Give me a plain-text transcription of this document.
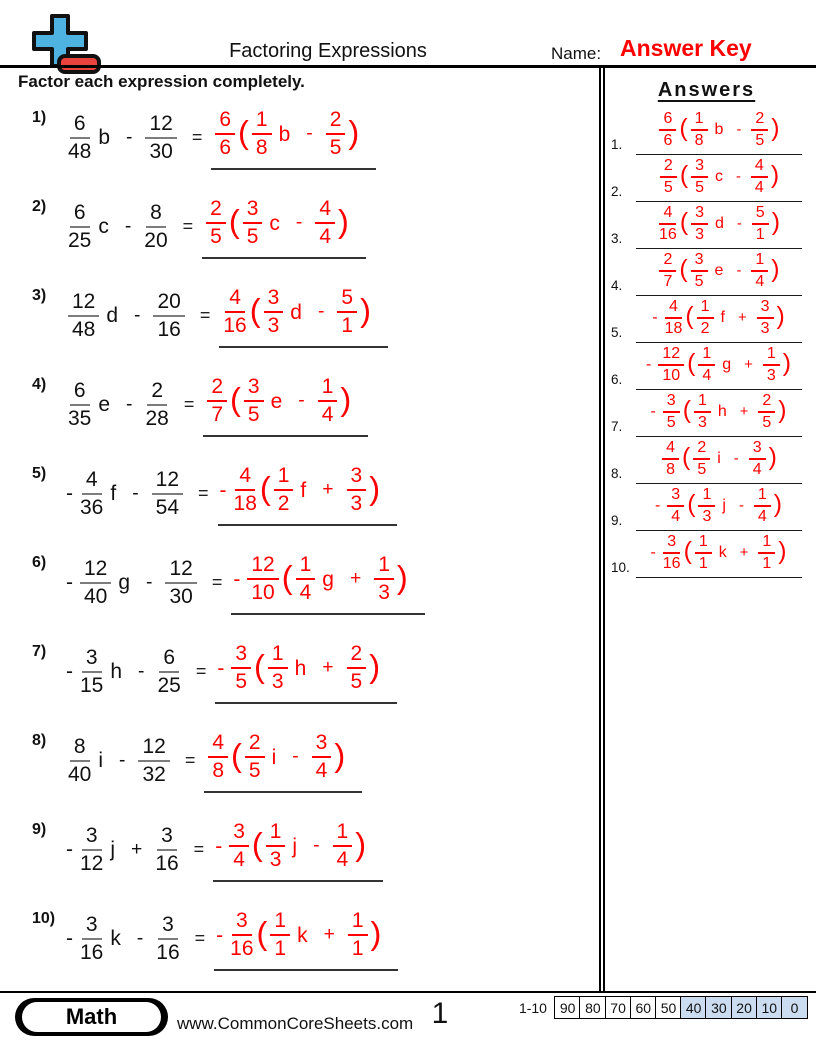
Factoring Expressions	Name: Answer Key
Factor each expression completely.
1)	$\frac{6}{48}$ $b - \frac{12}{30} = \frac{6}{6}$ ( $\frac{1}{8}$ b - $\frac{2}{5}$ )
2)	$\frac{6}{25}$ $c - \frac{8}{20} = \frac{2}{5}$ ( $\frac{3}{5}$ c - $\frac{4}{4}$ )
3)	$\frac{12}{48}$ $d - \frac{20}{16} = \frac{4}{16}$ ( $\frac{3}{3}$ d - $\frac{5}{1}$ )
4)	$\frac{6}{35}$ $e - \frac{2}{28} = \frac{2}{7}$ ( $\frac{3}{5}$ e - $\frac{1}{4}$ )
5)
- $\frac{4}{36}$ f - $\frac{12}{54}$ = - $\frac{4}{18}$ ( $\frac{1}{2}$ $f + \frac{3}{3}$ )
6)
- $\frac{12}{40}$ g - $\frac{12}{30}$ = - $\frac{12}{10}$ ( $\frac{1}{4}$ $g + \frac{1}{3}$ )
7)
- $\frac{3}{15}$ h - $\frac{6}{25}$ = - $\frac{3}{5}$ ( $\frac{1}{3}$ $h + \frac{2}{5}$ )
8)	$\frac{8}{40}$ $i - \frac{12}{32} = \frac{4}{8}$ ( $\frac{2}{5}$ i - $\frac{3}{4}$ )
9)
- $\frac{3}{12}$ $j + \frac{3}{16}$ = - $\frac{3}{4}$ ( $\frac{1}{3}$ j - $\frac{1}{4}$ )
10)
- $\frac{3}{16}$ k - $\frac{3}{16}$ = - $\frac{3}{16}$ ( $\frac{1}{1}$ $k + \frac{1}{1}$ )
Answers
1.	$\frac{6}{6}$ ( $\frac{1}{8}$ b - $\frac{2}{5}$ )
2.	$\frac{2}{5}$ ( $\frac{3}{5}$ c - $\frac{4}{4}$ )
3.	$\frac{4}{16}$ ( $\frac{3}{3}$ d - $\frac{5}{1}$ )
4.	$\frac{2}{7}$ ( $\frac{3}{5}$ e - $\frac{1}{4}$ )
5.
- $\frac{4}{18}$ ( $\frac{1}{2}$ $f + \frac{3}{3}$ )
6.
- $\frac{12}{10}$ ( $\frac{1}{4}$ $g + \frac{1}{3}$ )
7.
- $\frac{3}{5}$ ( $\frac{1}{3}$ $h + \frac{2}{5}$ )
8.	$\frac{4}{8}$ ( $\frac{2}{5}$ i - $\frac{3}{4}$ )
9.
- $\frac{3}{4}$ ( $\frac{1}{3}$ j - $\frac{1}{4}$ )
10.
- $\frac{3}{16}$ ( $\frac{1}{1}$ $k + \frac{1}{1}$ )
Math	www.CommonCoreSheets.com 1	1-10 90 80 70 60 50 40 30 20 10 0
